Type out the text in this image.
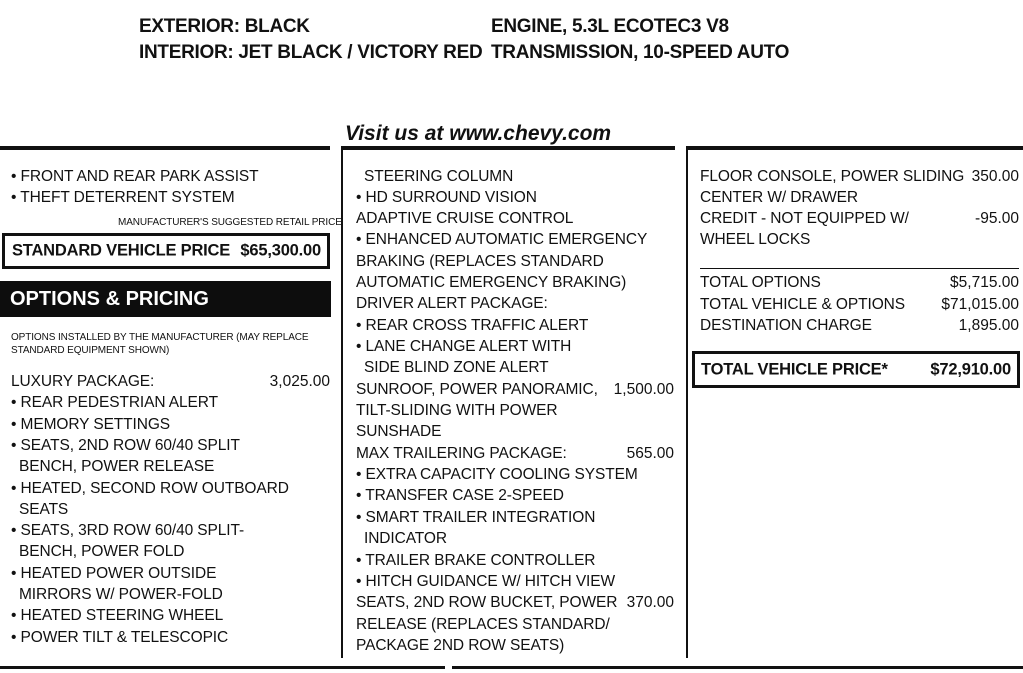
EXTERIOR: BLACK
INTERIOR: JET BLACK / VICTORY RED
ENGINE, 5.3L ECOTEC3 V8
TRANSMISSION, 10-SPEED AUTO
Visit us at www.chevy.com
• FRONT AND REAR PARK ASSIST
• THEFT DETERRENT SYSTEM
MANUFACTURER'S SUGGESTED RETAIL PRICE
STANDARD VEHICLE PRICE $65,300.00
OPTIONS & PRICING
OPTIONS INSTALLED BY THE MANUFACTURER (MAY REPLACE
STANDARD EQUIPMENT SHOWN)
LUXURY PACKAGE:	3,025.00
• REAR PEDESTRIAN ALERT
• MEMORY SETTINGS
• SEATS, 2ND ROW 60/40 SPLIT
BENCH, POWER RELEASE
• HEATED, SECOND ROW OUTBOARD
SEATS
• SEATS, 3RD ROW 60/40 SPLIT-
BENCH, POWER FOLD
• HEATED POWER OUTSIDE
MIRRORS W/ POWER-FOLD
• HEATED STEERING WHEEL
• POWER TILT & TELESCOPIC
STEERING COLUMN
• HD SURROUND VISION
ADAPTIVE CRUISE CONTROL
• ENHANCED AUTOMATIC EMERGENCY
BRAKING (REPLACES STANDARD
AUTOMATIC EMERGENCY BRAKING)
DRIVER ALERT PACKAGE:
• REAR CROSS TRAFFIC ALERT
• LANE CHANGE ALERT WITH
SIDE BLIND ZONE ALERT
SUNROOF, POWER PANORAMIC,	1,500.00
TILT-SLIDING WITH POWER
SUNSHADE
MAX TRAILERING PACKAGE:	565.00
• EXTRA CAPACITY COOLING SYSTEM
• TRANSFER CASE 2-SPEED
• SMART TRAILER INTEGRATION
INDICATOR
• TRAILER BRAKE CONTROLLER
• HITCH GUIDANCE W/ HITCH VIEW
SEATS, 2ND ROW BUCKET, POWER 370.00
RELEASE (REPLACES STANDARD/
PACKAGE 2ND ROW SEATS)
FLOOR CONSOLE, POWER SLIDING 350.00
CENTER W/ DRAWER
CREDIT - NOT EQUIPPED W/	-95.00
WHEEL LOCKS
TOTAL OPTIONS	$5,715.00
TOTAL VEHICLE & OPTIONS	$71,015.00
DESTINATION CHARGE	1,895.00
TOTAL VEHICLE PRICE*	$72,910.00
